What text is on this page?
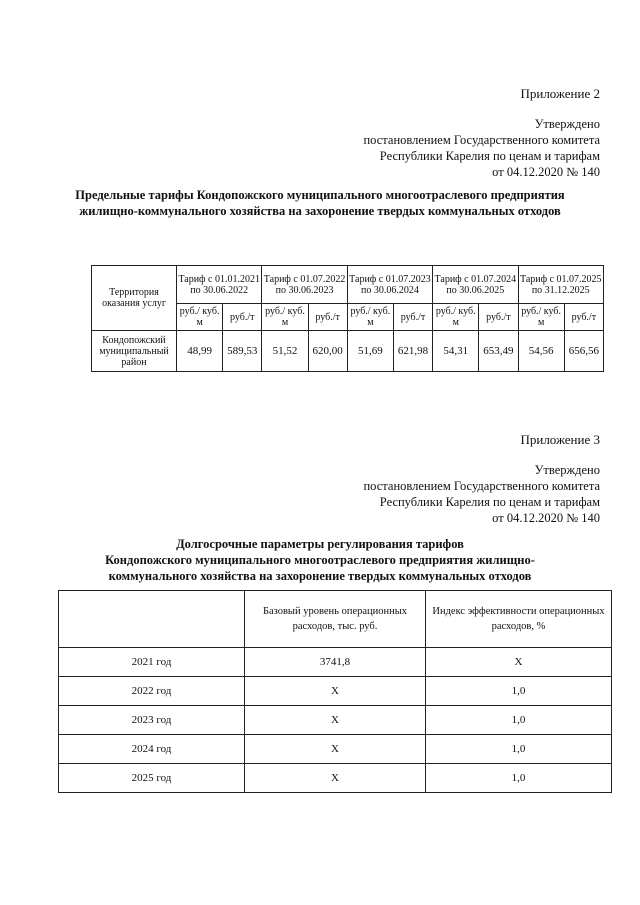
Приложение 2
Утверждено
постановлением Государственного комитета
Республики Карелия по ценам и тарифам
от 04.12.2020 № 140
Предельные тарифы Кондопожского муниципального многоотраслевого предприятия
жилищно-коммунального хозяйства на захоронение твердых коммунальных отходов
Территория оказания услуг	Тариф с 01.01.2021 по 30.06.2022		Тариф с 01.07.2022 по 30.06.2023		Тариф с 01.07.2023 по 30.06.2024		Тариф с 01.07.2024 по 30.06.2025		Тариф с 01.07.2025 по 31.12.2025	
	руб./ куб. м	руб./т	руб./ куб. м	руб./т	руб./ куб. м	руб./т	руб./ куб. м	руб./т	руб./ куб. м	руб./т
Кондопожский муниципальный район	48,99	589,53	51,52	620,00	51,69	621,98	54,31	653,49	54,56	656,56
Приложение 3
Утверждено
постановлением Государственного комитета
Республики Карелия по ценам и тарифам
от 04.12.2020 № 140
Долгосрочные параметры регулирования тарифов
Кондопожского муниципального многоотраслевого предприятия жилищно-
коммунального хозяйства на захоронение твердых коммунальных отходов
	Базовый уровень операционных расходов, тыс. руб.	Индекс эффективности операционных расходов, %
2021 год	3741,8	Х
2022 год	Х	1,0
2023 год	Х	1,0
2024 год	Х	1,0
2025 год	Х	1,0
